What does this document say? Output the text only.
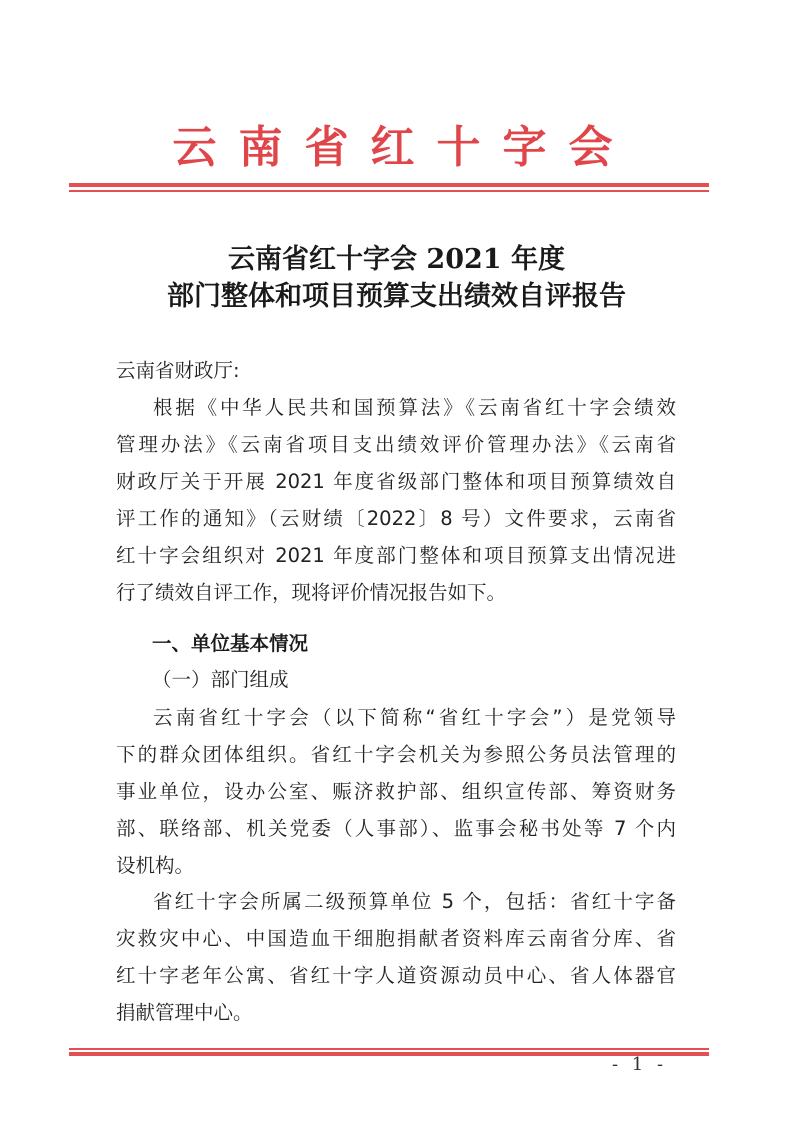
云南省红十字会
云南省红十字会 2021 年度
部门整体和项目预算支出绩效自评报告
云南省财政厅:
根据《中华人民共和国预算法》《云南省红十字会绩效
管理办法》《云南省项目支出绩效评价管理办法》《云南省
财政厅关于开展 2021 年度省级部门整体和项目预算绩效自
评工作的通知》（云财绩〔2022〕8 号）文件要求，云南省
红十字会组织对 2021 年度部门整体和项目预算支出情况进
行了绩效自评工作，现将评价情况报告如下。
一、单位基本情况
（一）部门组成
云南省红十字会（以下简称“省红十字会”）是党领导
下的群众团体组织。省红十字会机关为参照公务员法管理的
事业单位，设办公室、赈济救护部、组织宣传部、筹资财务
部、联络部、机关党委（人事部）、监事会秘书处等 7 个内
设机构。
省红十字会所属二级预算单位 5 个，包括：省红十字备
灾救灾中心、中国造血干细胞捐献者资料库云南省分库、省
红十字老年公寓、省红十字人道资源动员中心、省人体器官
捐献管理中心。
- 1 -
